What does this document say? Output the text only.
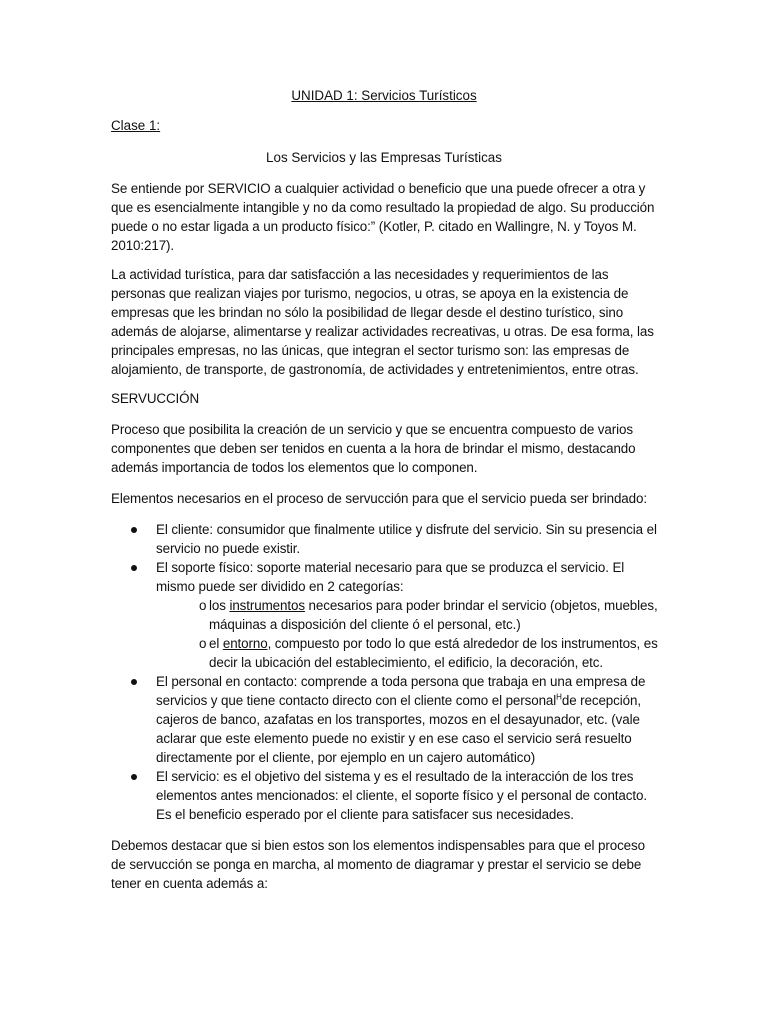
UNIDAD 1: Servicios Turísticos
Clase 1:
Los Servicios y las Empresas Turísticas
Se entiende por SERVICIO a cualquier actividad o beneficio que una puede ofrecer a otra y que es esencialmente intangible y no da como resultado la propiedad de algo. Su producción puede o no estar ligada a un producto físico:” (Kotler, P. citado en Wallingre, N. y Toyos M. 2010:217).
La actividad turística, para dar satisfacción a las necesidades y requerimientos de las personas que realizan viajes por turismo, negocios, u otras, se apoya en la existencia de empresas que les brindan no sólo la posibilidad de llegar desde el destino turístico, sino además de alojarse, alimentarse y realizar actividades recreativas, u otras. De esa forma, las principales empresas, no las únicas, que integran el sector turismo son: las empresas de alojamiento, de transporte, de gastronomía, de actividades y entretenimientos, entre otras.
SERVUCCIÓN
Proceso que posibilita la creación de un servicio y que se encuentra compuesto de varios componentes que deben ser tenidos en cuenta a la hora de brindar el mismo, destacando además importancia de todos los elementos que lo componen.
Elementos necesarios en el proceso de servucción para que el servicio pueda ser brindado:
El cliente: consumidor que finalmente utilice y disfrute del servicio. Sin su presencia el servicio no puede existir.
El soporte físico: soporte material necesario para que se produzca el servicio. El mismo puede ser dividido en 2 categorías:
o los instrumentos necesarios para poder brindar el servicio (objetos, muebles, máquinas a disposición del cliente ó el personal, etc.)
o el entorno, compuesto por todo lo que está alrededor de los instrumentos, es decir la ubicación del establecimiento, el edificio, la decoración, etc.
El personal en contacto: comprende a toda persona que trabaja en una empresa de servicios y que tiene contacto directo con el cliente como el personal$^H$de recepción, cajeros de banco, azafatas en los transportes, mozos en el desayunador, etc. (vale aclarar que este elemento puede no existir y en ese caso el servicio será resuelto directamente por el cliente, por ejemplo en un cajero automático)
El servicio: es el objetivo del sistema y es el resultado de la interacción de los tres elementos antes mencionados: el cliente, el soporte físico y el personal de contacto. Es el beneficio esperado por el cliente para satisfacer sus necesidades.
Debemos destacar que si bien estos son los elementos indispensables para que el proceso de servucción se ponga en marcha, al momento de diagramar y prestar el servicio se debe tener en cuenta además a:
